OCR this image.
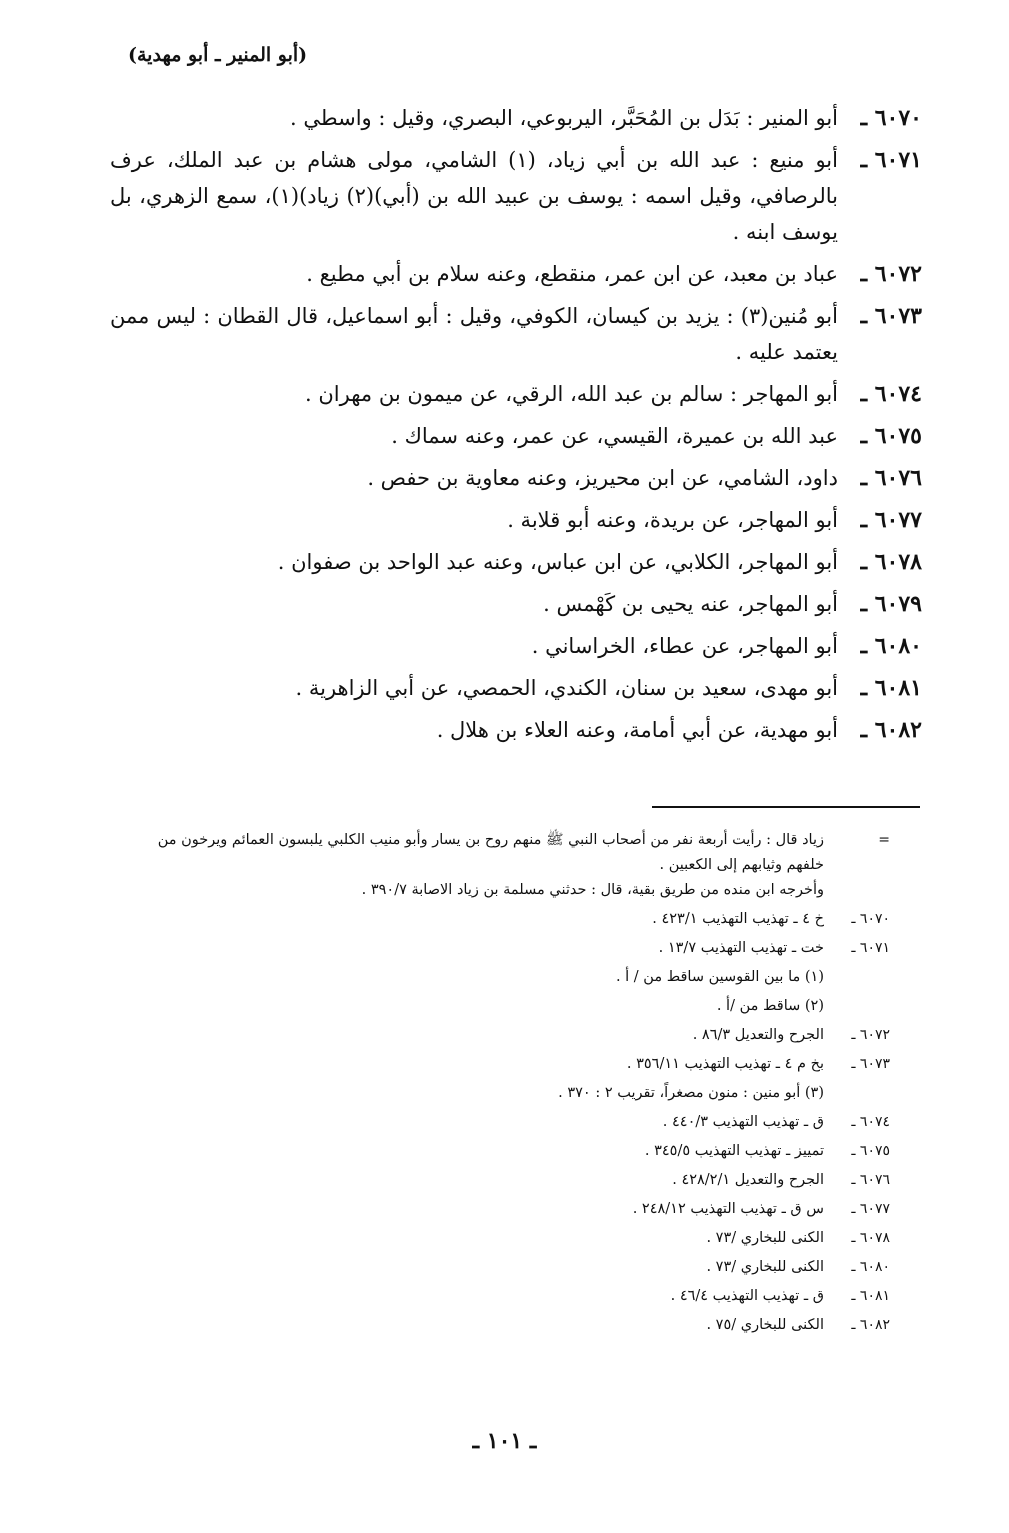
(أبو المنير ـ أبو مهدية)
٦٠٧٠ ـ
أبو المنير : بَدَل بن المُحَبَّر، اليربوعي، البصري، وقيل : واسطي .
٦٠٧١ ـ
أبو منيع : عبد الله بن أبي زياد، (١) الشامي، مولى هشام بن عبد الملك، عرف بالرصافي، وقيل اسمه : يوسف بن عبيد الله بن (أبي)(٢) زياد)(١)، سمع الزهري، بل يوسف ابنه .
٦٠٧٢ ـ
عباد بن معبد، عن ابن عمر، منقطع، وعنه سلام بن أبي مطيع .
٦٠٧٣ ـ
أبو مُنين(٣) : يزيد بن كيسان، الكوفي، وقيل : أبو اسماعيل، قال القطان : ليس ممن يعتمد عليه .
٦٠٧٤ ـ
أبو المهاجر : سالم بن عبد الله، الرقي، عن ميمون بن مهران .
٦٠٧٥ ـ
عبد الله بن عميرة، القيسي، عن عمر، وعنه سماك .
٦٠٧٦ ـ
داود، الشامي، عن ابن محيريز، وعنه معاوية بن حفص .
٦٠٧٧ ـ
أبو المهاجر، عن بريدة، وعنه أبو قلابة .
٦٠٧٨ ـ
أبو المهاجر، الكلابي، عن ابن عباس، وعنه عبد الواحد بن صفوان .
٦٠٧٩ ـ
أبو المهاجر، عنه يحيى بن كَهْمس .
٦٠٨٠ ـ
أبو المهاجر، عن عطاء، الخراساني .
٦٠٨١ ـ
أبو مهدى، سعيد بن سنان، الكندي، الحمصي، عن أبي الزاهرية .
٦٠٨٢ ـ
أبو مهدية، عن أبي أمامة، وعنه العلاء بن هلال .
=
زياد قال : رأيت أربعة نفر من أصحاب النبي ﷺ منهم روح بن يسار وأبو منيب الكلبي يلبسون العمائم ويرخون من خلفهم وثيابهم إلى الكعبين .
وأخرجه ابن منده من طريق بقية، قال : حدثني مسلمة بن زياد الاصابة ٣٩٠/٧ .
٦٠٧٠ ـ
خ ٤ ـ تهذيب التهذيب ٤٢٣/١ .
٦٠٧١ ـ
خت ـ تهذيب التهذيب ١٣/٧ .
(١) ما بين القوسين ساقط من / أ .
(٢) ساقط من /أ .
٦٠٧٢ ـ
الجرح والتعديل ٨٦/٣ .
٦٠٧٣ ـ
بخ م ٤ ـ تهذيب التهذيب ٣٥٦/١١ .
(٣) أبو منين : منون مصغراً، تقريب ٢ : ٣٧٠ .
٦٠٧٤ ـ
ق ـ تهذيب التهذيب ٤٤٠/٣ .
٦٠٧٥ ـ
تمييز ـ تهذيب التهذيب ٣٤٥/٥ .
٦٠٧٦ ـ
الجرح والتعديل ٤٢٨/٢/١ .
٦٠٧٧ ـ
س ق ـ تهذيب التهذيب ٢٤٨/١٢ .
٦٠٧٨ ـ
الكنى للبخاري /٧٣ .
٦٠٨٠ ـ
الكنى للبخاري /٧٣ .
٦٠٨١ ـ
ق ـ تهذيب التهذيب ٤٦/٤ .
٦٠٨٢ ـ
الكنى للبخاري /٧٥ .
ـ ١٠١ ـ
